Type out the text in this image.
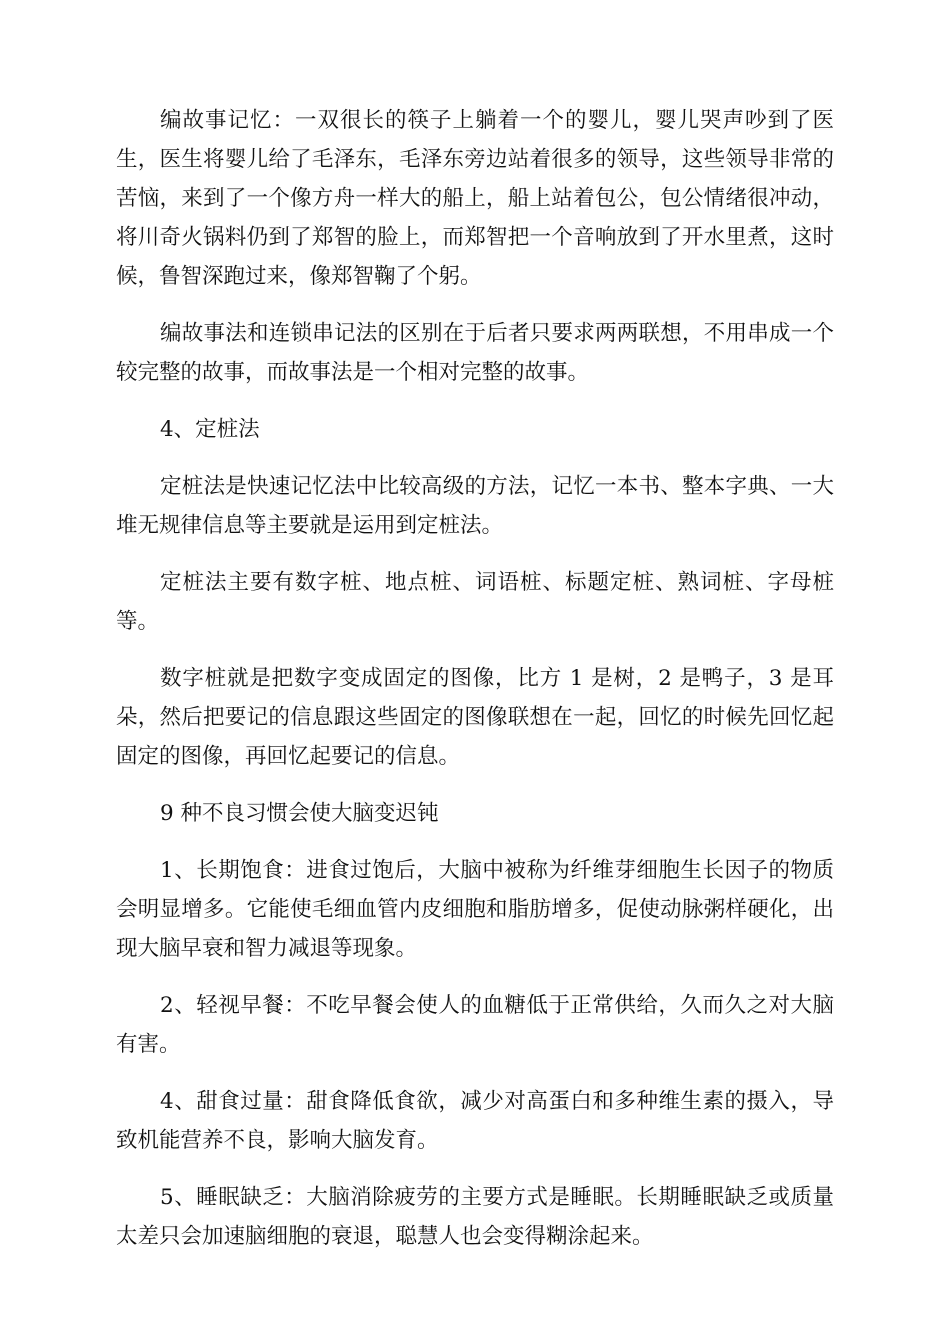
编故事记忆：一双很长的筷子上躺着一个的婴儿，婴儿哭声吵到了医生，医生将婴儿给了毛泽东，毛泽东旁边站着很多的领导，这些领导非常的苦恼，来到了一个像方舟一样大的船上，船上站着包公，包公情绪很冲动，将川奇火锅料仍到了郑智的脸上，而郑智把一个音响放到了开水里煮，这时候，鲁智深跑过来，像郑智鞠了个躬。

编故事法和连锁串记法的区别在于后者只要求两两联想，不用串成一个较完整的故事，而故事法是一个相对完整的故事。

4、定桩法

定桩法是快速记忆法中比较高级的方法，记忆一本书、整本字典、一大堆无规律信息等主要就是运用到定桩法。

定桩法主要有数字桩、地点桩、词语桩、标题定桩、熟词桩、字母桩等。

数字桩就是把数字变成固定的图像，比方 1 是树，2 是鸭子，3 是耳朵，然后把要记的信息跟这些固定的图像联想在一起，回忆的时候先回忆起固定的图像，再回忆起要记的信息。

9 种不良习惯会使大脑变迟钝

1、长期饱食：进食过饱后，大脑中被称为纤维芽细胞生长因子的物质会明显增多。它能使毛细血管内皮细胞和脂肪增多，促使动脉粥样硬化，出现大脑早衰和智力减退等现象。

2、轻视早餐：不吃早餐会使人的血糖低于正常供给，久而久之对大脑有害。

4、甜食过量：甜食降低食欲，减少对高蛋白和多种维生素的摄入，导致机能营养不良，影响大脑发育。

5、睡眠缺乏：大脑消除疲劳的主要方式是睡眠。长期睡眠缺乏或质量太差只会加速脑细胞的衰退，聪慧人也会变得糊涂起来。
